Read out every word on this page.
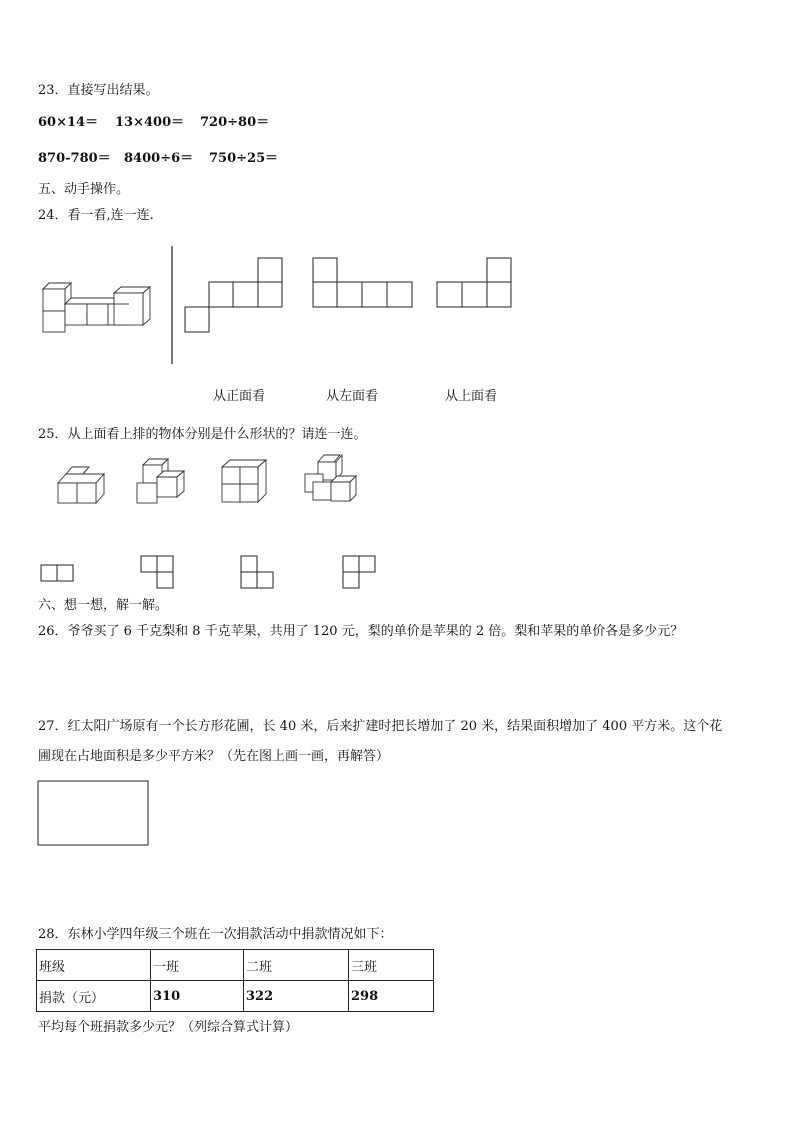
23．直接写出结果。
60×14＝ 13×400＝ 720÷80＝
870-780＝ 8400÷6＝ 750÷25＝
五、动手操作。
24．看一看,连一连.
从正面看	从左面看	从上面看
25．从上面看上排的物体分别是什么形状的？请连一连。
六、想一想，解一解。
26．爷爷买了 6 千克梨和 8 千克苹果，共用了 120 元，梨的单价是苹果的 2 倍。梨和苹果的单价各是多少元？
27．红太阳广场原有一个长方形花圃，长 40 米，后来扩建时把长增加了 20 米，结果面积增加了 400 平方米。这个花
圃现在占地面积是多少平方米？（先在图上画一画，再解答）
28．东林小学四年级三个班在一次捐款活动中捐款情况如下：
班级	一班	二班	三班
捐款（元）	310	322	298
平均每个班捐款多少元？（列综合算式计算）
